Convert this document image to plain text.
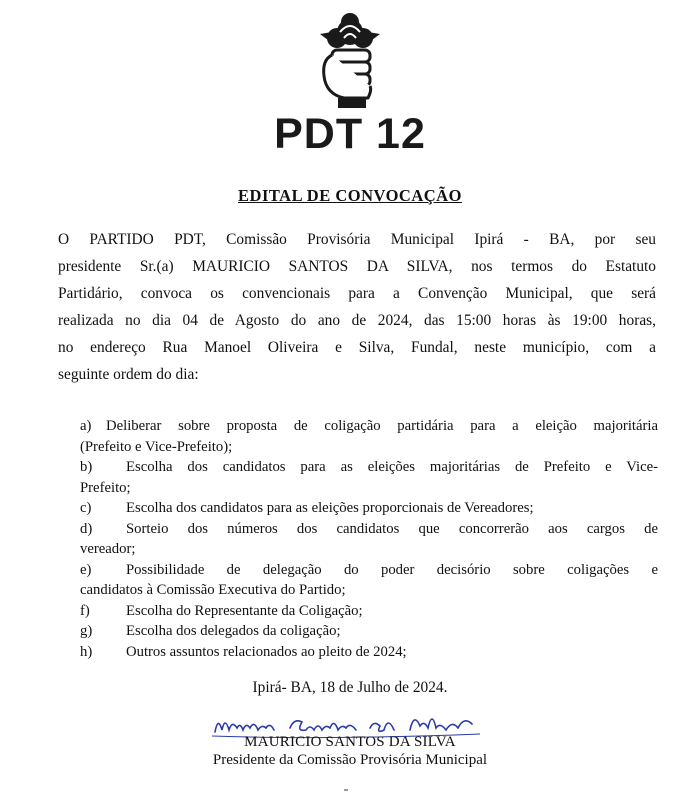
PDT 12
EDITAL DE CONVOCAÇÃO
O PARTIDO PDT, Comissão Provisória Municipal Ipirá - BA, por seu
presidente Sr.(a) MAURICIO SANTOS DA SILVA, nos termos do Estatuto
Partidário, convoca os convencionais para a Convenção Municipal, que será
realizada no dia 04 de Agosto do ano de 2024, das 15:00 horas às 19:00 horas,
no endereço Rua Manoel Oliveira e Silva, Fundal, neste município, com a
seguinte ordem do dia:
a) Deliberar sobre proposta de coligação partidária para a eleição majoritária
(Prefeito e Vice-Prefeito);
b)	Escolha dos candidatos para as eleições majoritárias de Prefeito e Vice-
Prefeito;
c)	Escolha dos candidatos para as eleições proporcionais de Vereadores;
d)	Sorteio dos números dos candidatos que concorrerão aos cargos de
vereador;
e)	Possibilidade de delegação do poder decisório sobre coligações e
candidatos à Comissão Executiva do Partido;
f)	Escolha do Representante da Coligação;
g)	Escolha dos delegados da coligação;
h)	Outros assuntos relacionados ao pleito de 2024;
Ipirá- BA, 18 de Julho de 2024.
MAURICIO SANTOS DA SILVA
Presidente da Comissão Provisória Municipal
